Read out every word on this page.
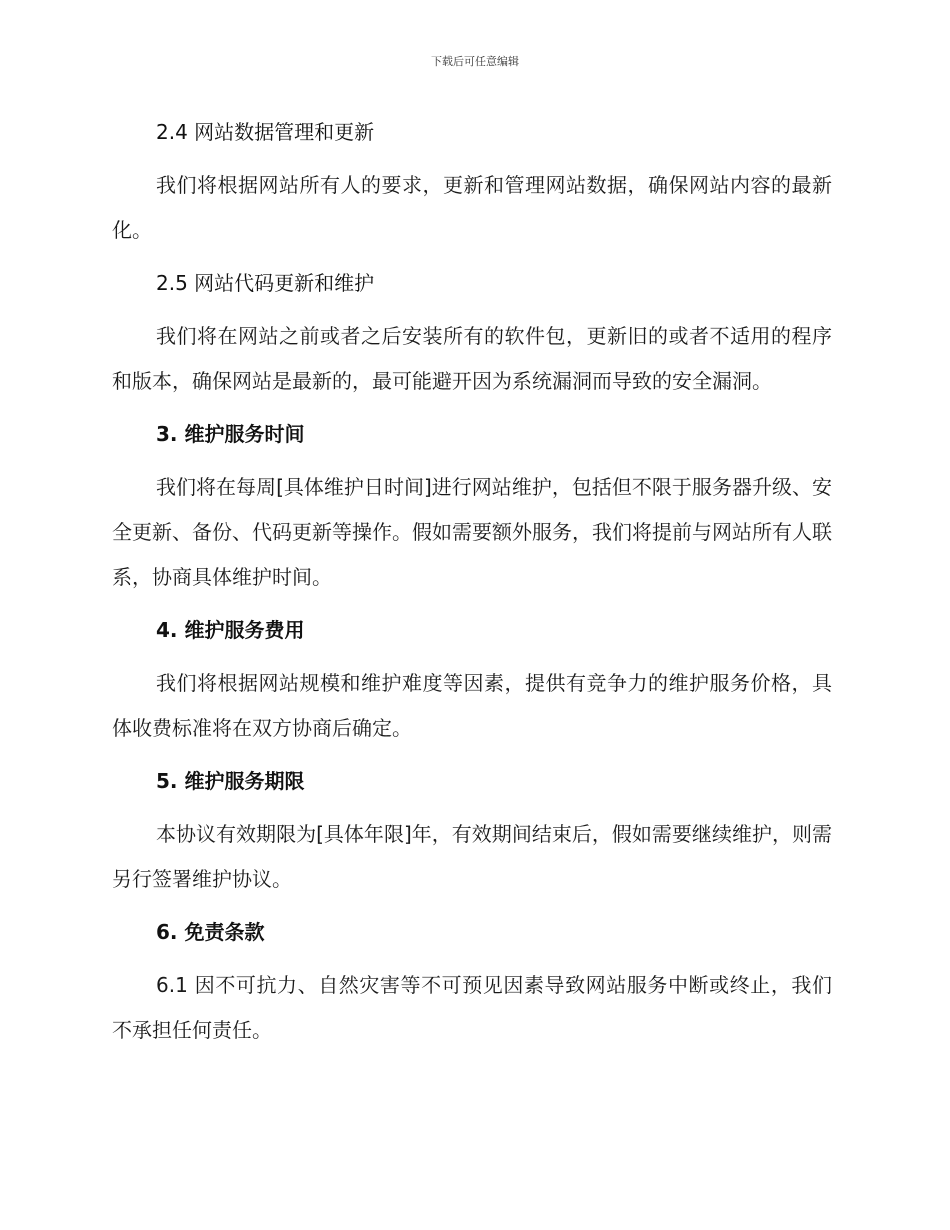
下载后可任意编辑

2.4 网站数据管理和更新

我们将根据网站所有人的要求，更新和管理网站数据，确保网站内容的最新化。

2.5 网站代码更新和维护

我们将在网站之前或者之后安装所有的软件包，更新旧的或者不适用的程序和版本，确保网站是最新的，最可能避开因为系统漏洞而导致的安全漏洞。

3. 维护服务时间

我们将在每周[具体维护日时间]进行网站维护，包括但不限于服务器升级、安全更新、备份、代码更新等操作。假如需要额外服务，我们将提前与网站所有人联系，协商具体维护时间。

4. 维护服务费用

我们将根据网站规模和维护难度等因素，提供有竞争力的维护服务价格，具体收费标准将在双方协商后确定。

5. 维护服务期限

本协议有效期限为[具体年限]年，有效期间结束后，假如需要继续维护，则需另行签署维护协议。

6. 免责条款

6.1 因不可抗力、自然灾害等不可预见因素导致网站服务中断或终止，我们不承担任何责任。
